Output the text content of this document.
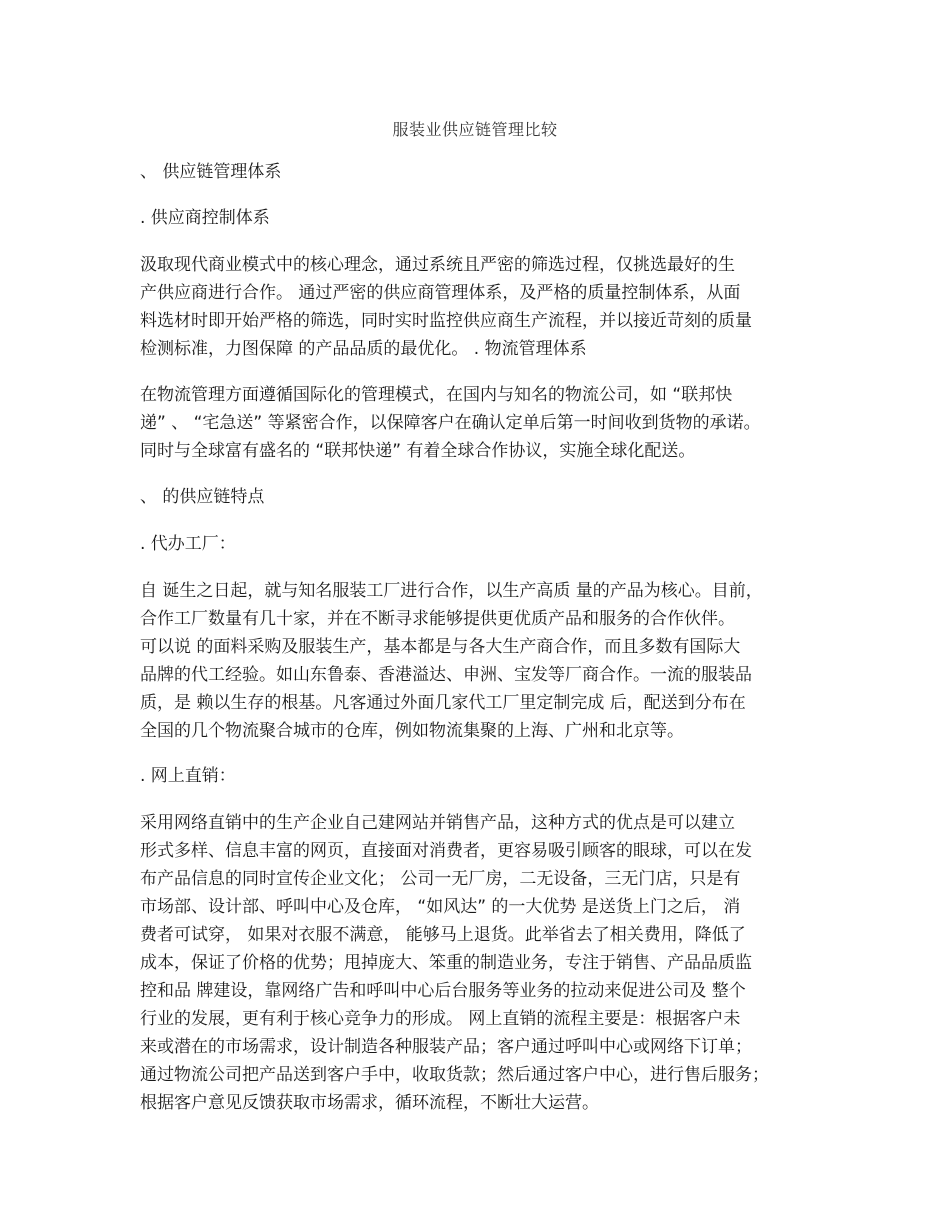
服装业供应链管理比较
、 供应链管理体系
. 供应商控制体系
汲取现代商业模式中的核心理念，通过系统且严密的筛选过程，仅挑选最好的生
产供应商进行合作。 通过严密的供应商管理体系，及严格的质量控制体系，从面
料选材时即开始严格的筛选，同时实时监控供应商生产流程，并以接近苛刻的质量
检测标准，力图保障 的产品品质的最优化。 . 物流管理体系
在物流管理方面遵循国际化的管理模式，在国内与知名的物流公司，如 “联邦快
递” 、 “宅急送” 等紧密合作，以保障客户在确认定单后第一时间收到货物的承诺。
同时与全球富有盛名的 “联邦快递” 有着全球合作协议，实施全球化配送。
、 的供应链特点
. 代办工厂：
自 诞生之日起，就与知名服装工厂进行合作，以生产高质 量的产品为核心。目前，
合作工厂数量有几十家，并在不断寻求能够提供更优质产品和服务的合作伙伴。
可以说 的面料采购及服装生产，基本都是与各大生产商合作，而且多数有国际大
品牌的代工经验。如山东鲁泰、香港溢达、申洲、宝发等厂商合作。一流的服装品
质，是 赖以生存的根基。凡客通过外面几家代工厂里定制完成 后，配送到分布在
全国的几个物流聚合城市的仓库，例如物流集聚的上海、广州和北京等。
. 网上直销：
采用网络直销中的生产企业自己建网站并销售产品，这种方式的优点是可以建立
形式多样、信息丰富的网页，直接面对消费者，更容易吸引顾客的眼球，可以在发
布产品信息的同时宣传企业文化； 公司一无厂房，二无设备，三无门店，只是有
市场部、设计部、呼叫中心及仓库， “如风达” 的一大优势 是送货上门之后， 消
费者可试穿， 如果对衣服不满意， 能够马上退货。此举省去了相关费用，降低了
成本，保证了价格的优势；甩掉庞大、笨重的制造业务，专注于销售、产品品质监
控和品 牌建设，靠网络广告和呼叫中心后台服务等业务的拉动来促进公司及 整个
行业的发展，更有利于核心竞争力的形成。 网上直销的流程主要是：根据客户未
来或潜在的市场需求，设计制造各种服装产品；客户通过呼叫中心或网络下订单；
通过物流公司把产品送到客户手中，收取货款；然后通过客户中心，进行售后服务；
根据客户意见反馈获取市场需求，循环流程，不断壮大运营。
